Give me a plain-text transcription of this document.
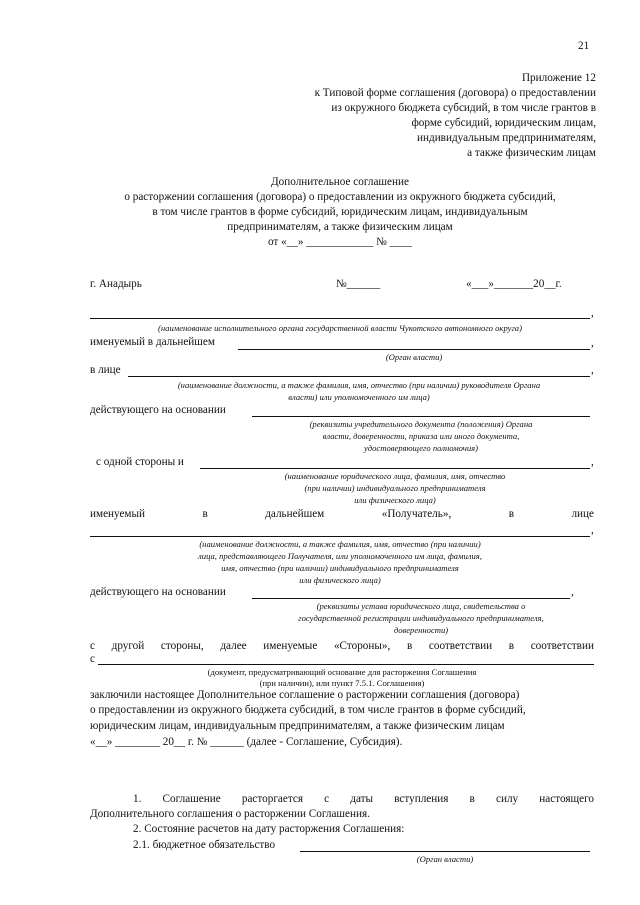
21
Приложение 12
к Типовой форме соглашения (договора) о предоставлении
из окружного бюджета субсидий, в том числе грантов в
форме субсидий, юридическим лицам,
индивидуальным предпринимателям,
а также физическим лицам
Дополнительное соглашение
о расторжении соглашения (договора) о предоставлении из окружного бюджета субсидий,
в том числе грантов в форме субсидий, юридическим лицам, индивидуальным
предпринимателям, а также физическим лицам
от «__» ____________ № ____
г. Анадырь	№______	«___»_______20__г.
,
(наименование исполнительного органа государственной власти Чукотского автономного округа)
именуемый в дальнейшем	,
(Орган власти)
в лице	,
(наименование должности, а также фамилия, имя, отчество (при наличии) руководителя Органа
власти) или уполномоченного им лица)
действующего на основании
(реквизиты учредительного документа (положения) Органа
власти, доверенности, приказа или иного документа,
удостоверяющего полномочия)
с одной стороны и	,
(наименование юридического лица, фамилия, имя, отчество
(при наличии) индивидуального предпринимателя
или физического лица)
именуемый	в	дальнейшем	«Получатель»,	в	лице
,
(наименование должности, а также фамилия, имя, отчество (при наличии)
лица, представляющего Получателя, или уполномоченного им лица, фамилия,
имя, отчество (при наличии) индивидуального предпринимателя
или физического лица)
действующего на основании	,
(реквизиты устава юридического лица, свидетельства о
государственной регистрации индивидуального предпринимателя,
доверенности)
с другой стороны, далее именуемые «Стороны», в соответствии в соответствии
с
(документ, предусматривающий основание для расторжения Соглашения
(при наличии), или пункт 7.5.1. Соглашения)
заключили настоящее Дополнительное соглашение о расторжении соглашения (договора)
о предоставлении из окружного бюджета субсидий, в том числе грантов в форме субсидий,
юридическим лицам, индивидуальным предпринимателям, а также физическим лицам
«__» ________ 20__ г. № ______ (далее - Соглашение, Субсидия).
1. Соглашение расторгается с даты вступления в силу настоящего
Дополнительного соглашения о расторжении Соглашения.
2. Состояние расчетов на дату расторжения Соглашения:
2.1. бюджетное обязательство
(Орган власти)
